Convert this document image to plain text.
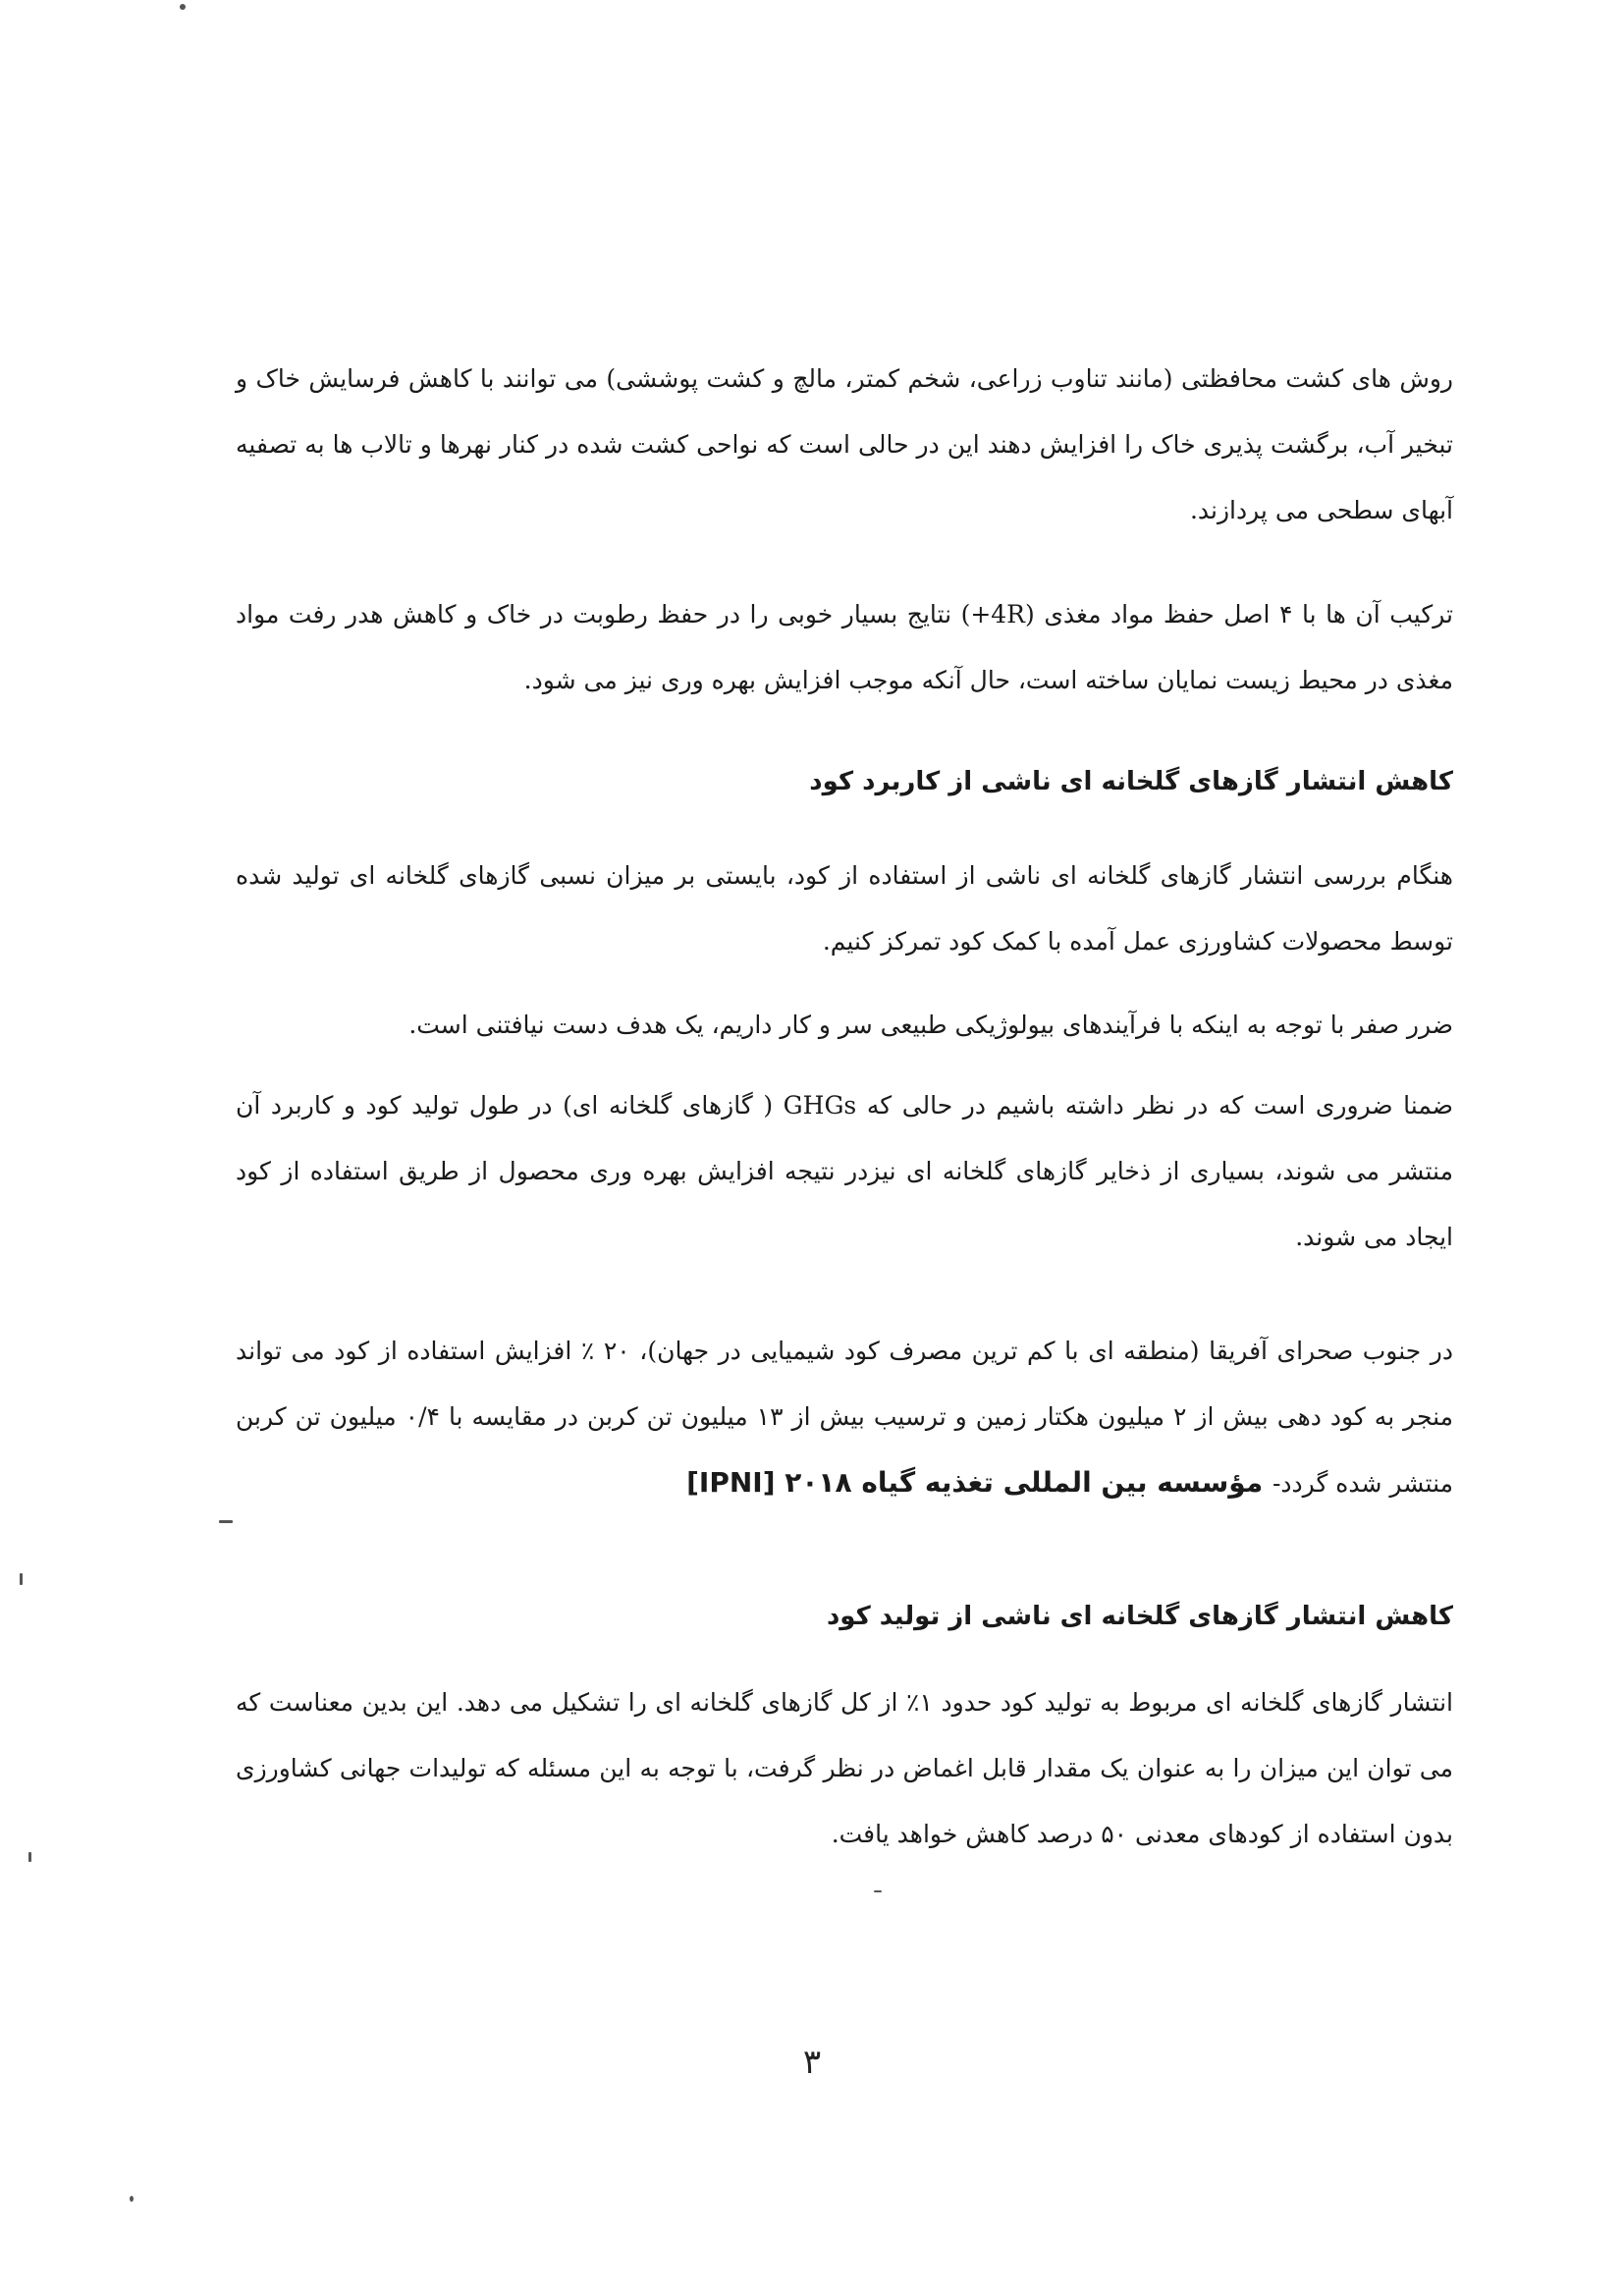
روش های کشت محافظتی (مانند تناوب زراعی، شخم کمتر، مالچ و کشت پوششی) می توانند با کاهش فرسایش خاک و تبخیر آب، برگشت پذیری خاک را افزایش دهند این در حالی است که نواحی کشت شده در کنار نهرها و تالاب ها به تصفیه آبهای سطحی می پردازند.

ترکیب آن ها با ۴ اصل حفظ مواد مغذی (4R+) نتایج بسیار خوبی را در حفظ رطوبت در خاک و کاهش هدر رفت مواد مغذی در محیط زیست نمایان ساخته است، حال آنکه موجب افزایش بهره وری نیز می شود.

کاهش انتشار گازهای گلخانه ای ناشی از کاربرد کود

هنگام بررسی انتشار گازهای گلخانه ای ناشی از استفاده از کود، بایستی بر میزان نسبی گازهای گلخانه ای تولید شده توسط محصولات کشاورزی عمل آمده با کمک کود تمرکز کنیم.

ضرر صفر با توجه به اینکه با فرآیندهای بیولوژیکی طبیعی سر و کار داریم، یک هدف دست نیافتنی است.

ضمنا ضروری است که در نظر داشته باشیم در حالی که GHGs ( گازهای گلخانه ای) در طول تولید کود و کاربرد آن منتشر می شوند، بسیاری از ذخایر گازهای گلخانه ای نیزدر نتیجه افزایش بهره وری محصول از طریق استفاده از کود ایجاد می شوند.

در جنوب صحرای آفریقا (منطقه ای با کم ترین مصرف کود شیمیایی در جهان)، ۲۰ ٪ افزایش استفاده از کود می تواند منجر به کود دهی بیش از ۲ میلیون هکتار زمین و ترسیب بیش از ۱۳ میلیون تن کربن در مقایسه با ۰/۴ میلیون تن کربن منتشر شده گردد- مؤسسه بین المللی تغذیه گیاه ۲۰۱۸ [IPNI]

کاهش انتشار گازهای گلخانه ای ناشی از تولید کود

انتشار گازهای گلخانه ای مربوط به تولید کود حدود ۱٪ از کل گازهای گلخانه ای را تشکیل می دهد. این بدین معناست که می توان این میزان را به عنوان یک مقدار قابل اغماض در نظر گرفت، با توجه به این مسئله که تولیدات جهانی کشاورزی بدون استفاده از کودهای معدنی ۵۰ درصد کاهش خواهد یافت.

۳
